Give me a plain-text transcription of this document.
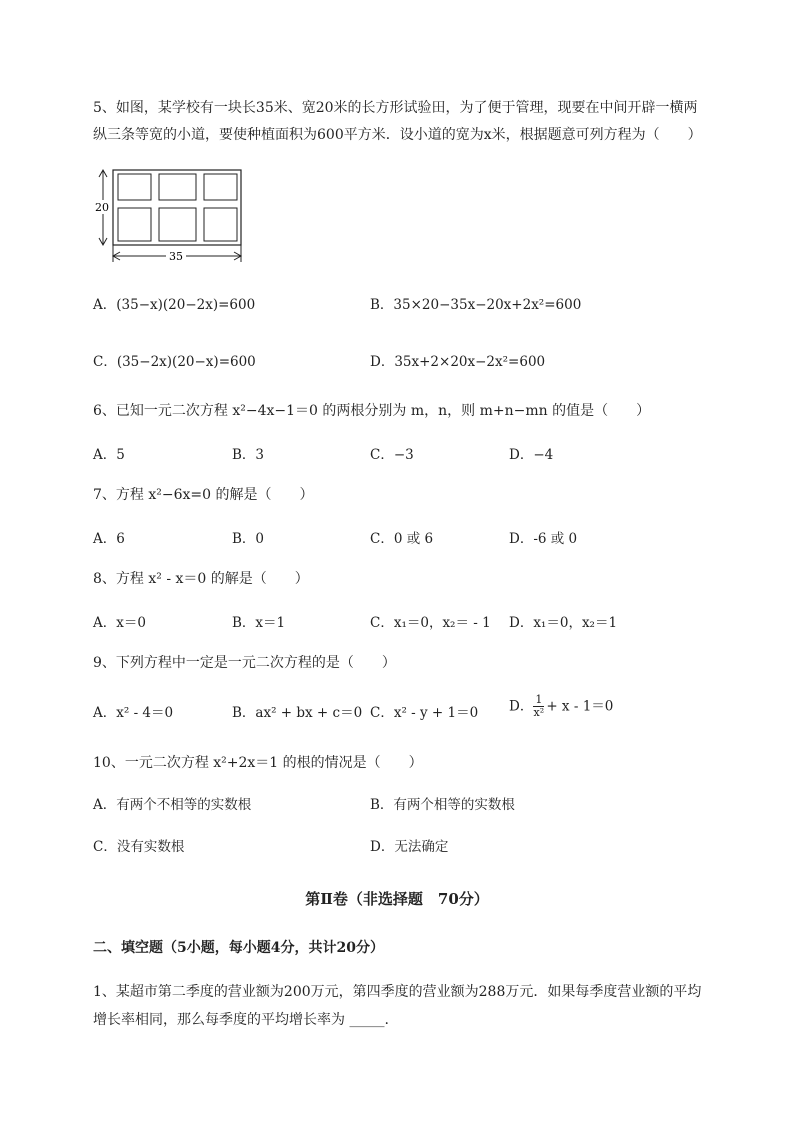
5、如图，某学校有一块长35米、宽20米的长方形试验田，为了便于管理，现要在中间开辟一横两
纵三条等宽的小道，要使种植面积为600平方米．设小道的宽为x米，根据题意可列方程为（　　）
20
35
A．(35−x)(20−2x)=600	B．35×20−35x−20x+2x²=600
C．(35−2x)(20−x)=600	D．35x+2×20x−2x²=600
6、已知一元二次方程 x²−4x−1＝0 的两根分别为 m，n，则 m+n−mn 的值是（　　）
A．5	B．3	C．−3	D．−4
7、方程 x²−6x=0 的解是（　　）
A．6	B．0	C．0 或 6	D．-6 或 0
8、方程 x² - x＝0 的解是（　　）
A．x＝0	B．x＝1	C．x₁＝0，x₂＝ - 1 D．x₁＝0，x₂＝1
9、下列方程中一定是一元二次方程的是（　　）
A．x² - 4＝0	B．ax² + bx + c＝0 C．x² - y + 1＝0 D． $\frac{1}{\text{x²}} + x - 1=0$
10、一元二次方程 x²+2x＝1 的根的情况是（　　）
A．有两个不相等的实数根	B．有两个相等的实数根
C．没有实数根	D．无法确定
第Ⅱ卷（非选择题　70分）
二、填空题（5小题，每小题4分，共计20分）
1、某超市第二季度的营业额为200万元，第四季度的营业额为288万元．如果每季度营业额的平均
增长率相同，那么每季度的平均增长率为 _____.
